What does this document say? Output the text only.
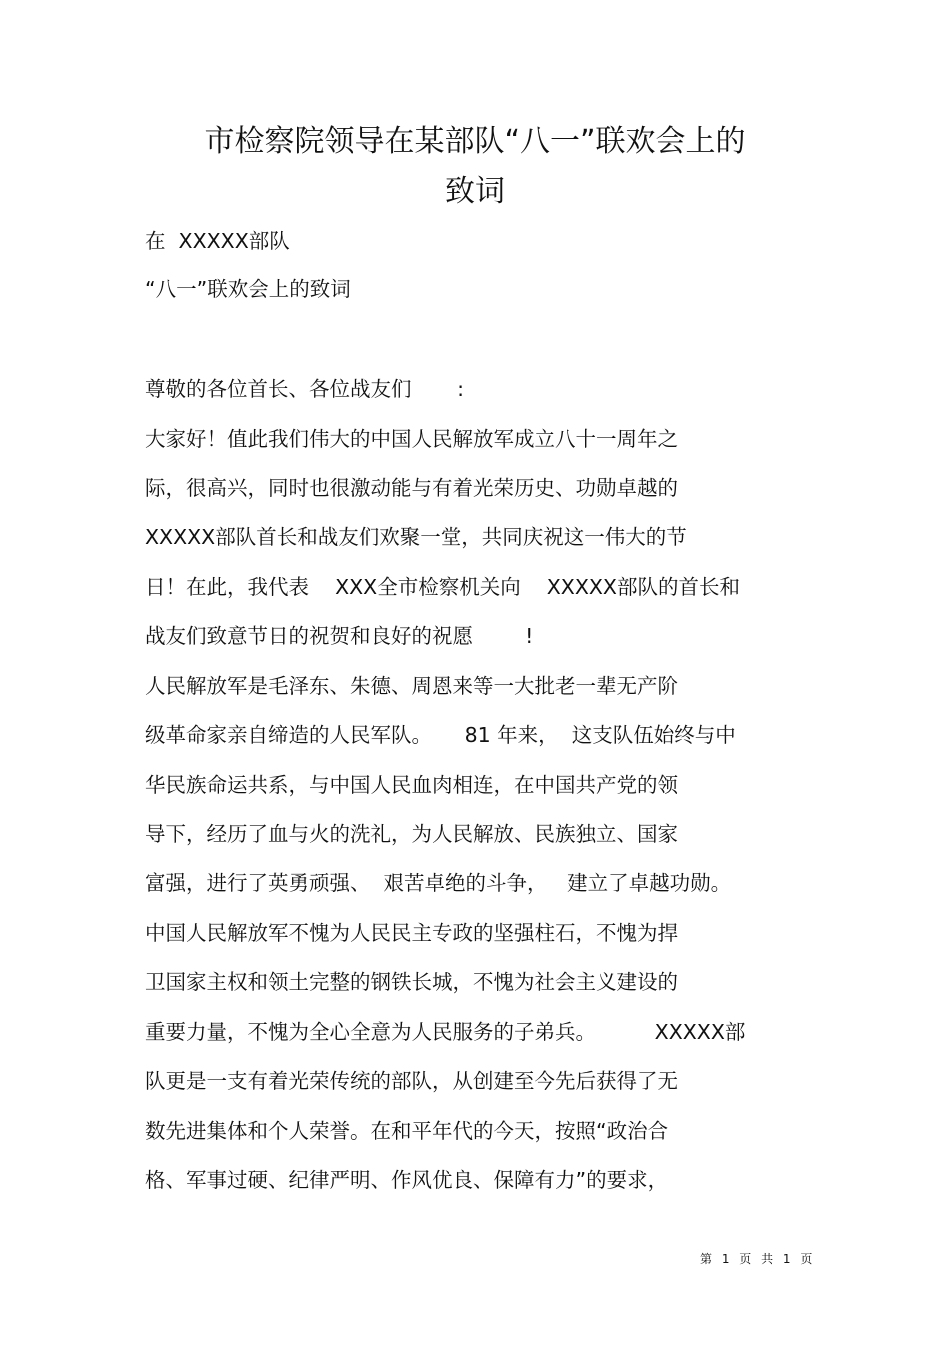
市检察院领导在某部队“八一”联欢会上的
致词
在  XXXXX部队
“八一”联欢会上的致词
尊敬的各位首长、各位战友们       :
大家好！值此我们伟大的中国人民解放军成立八十一周年之
际，很高兴，同时也很激动能与有着光荣历史、功勋卓越的
XXXXX部队首长和战友们欢聚一堂，共同庆祝这一伟大的节
日！在此，我代表    XXX全市检察机关向    XXXXX部队的首长和
战友们致意节日的祝贺和良好的祝愿        !
人民解放军是毛泽东、朱德、周恩来等一大批老一辈无产阶
级革命家亲自缔造的人民军队。     81 年来，  这支队伍始终与中
华民族命运共系，与中国人民血肉相连，在中国共产党的领
导下，经历了血与火的洗礼，为人民解放、民族独立、国家
富强，进行了英勇顽强、  艰苦卓绝的斗争，   建立了卓越功勋。
中国人民解放军不愧为人民民主专政的坚强柱石，不愧为捍
卫国家主权和领土完整的钢铁长城，不愧为社会主义建设的
重要力量，不愧为全心全意为人民服务的子弟兵。         XXXXX部
队更是一支有着光荣传统的部队，从创建至今先后获得了无
数先进集体和个人荣誉。在和平年代的今天，按照“政治合
格、军事过硬、纪律严明、作风优良、保障有力”的要求，
第 1 页 共 1 页
